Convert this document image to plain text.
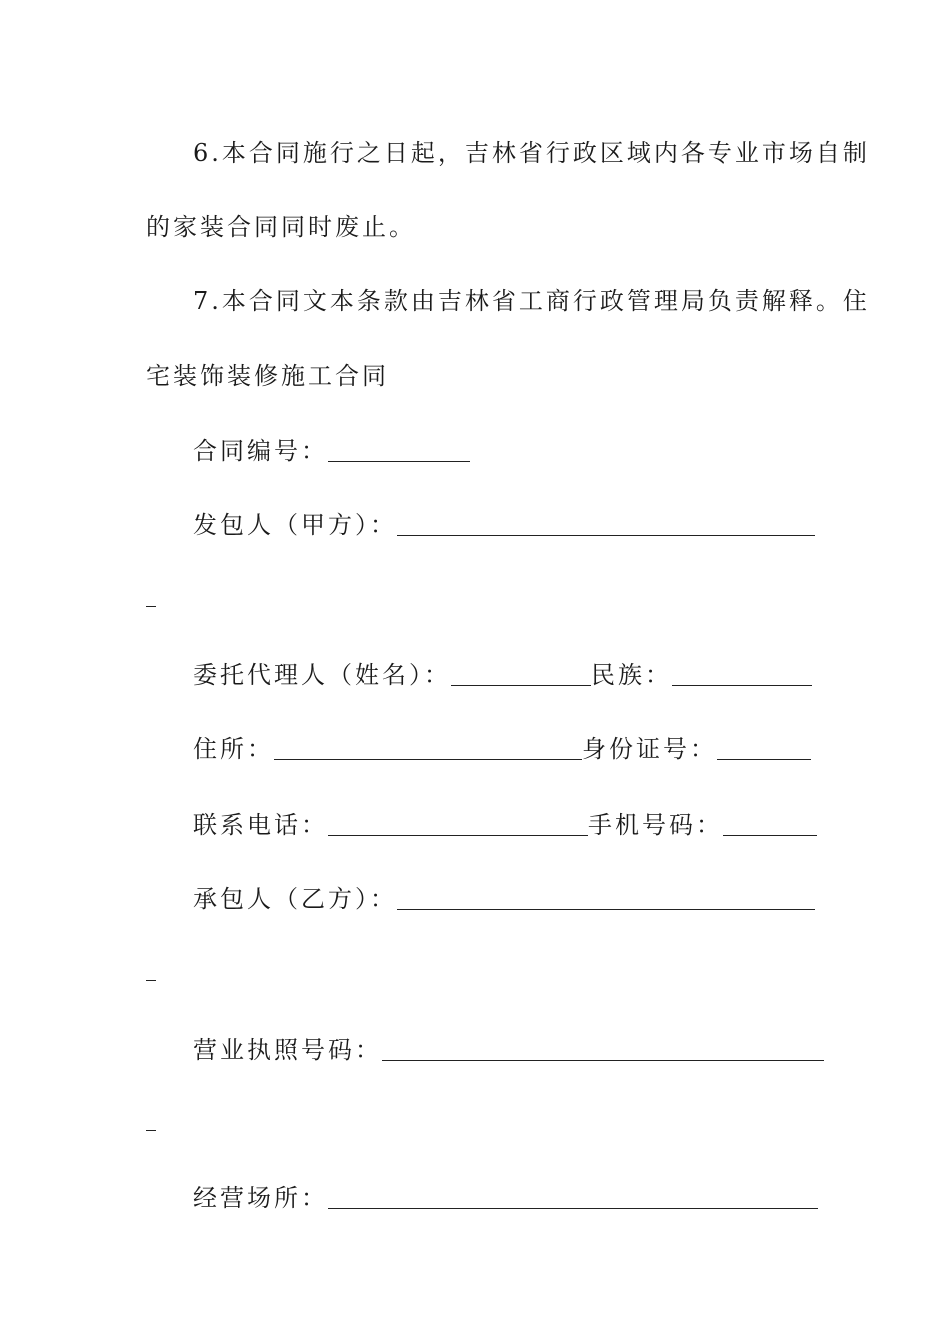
6.本合同施行之日起，吉林省行政区域内各专业市场自制
的家装合同同时废止。
7.本合同文本条款由吉林省工商行政管理局负责解释。住
宅装饰装修施工合同
合同编号：
发包人（甲方）：
委托代理人（姓名）：	民族：
住所：	身份证号：
联系电话：	手机号码：
承包人（乙方）：
营业执照号码：
经营场所：
